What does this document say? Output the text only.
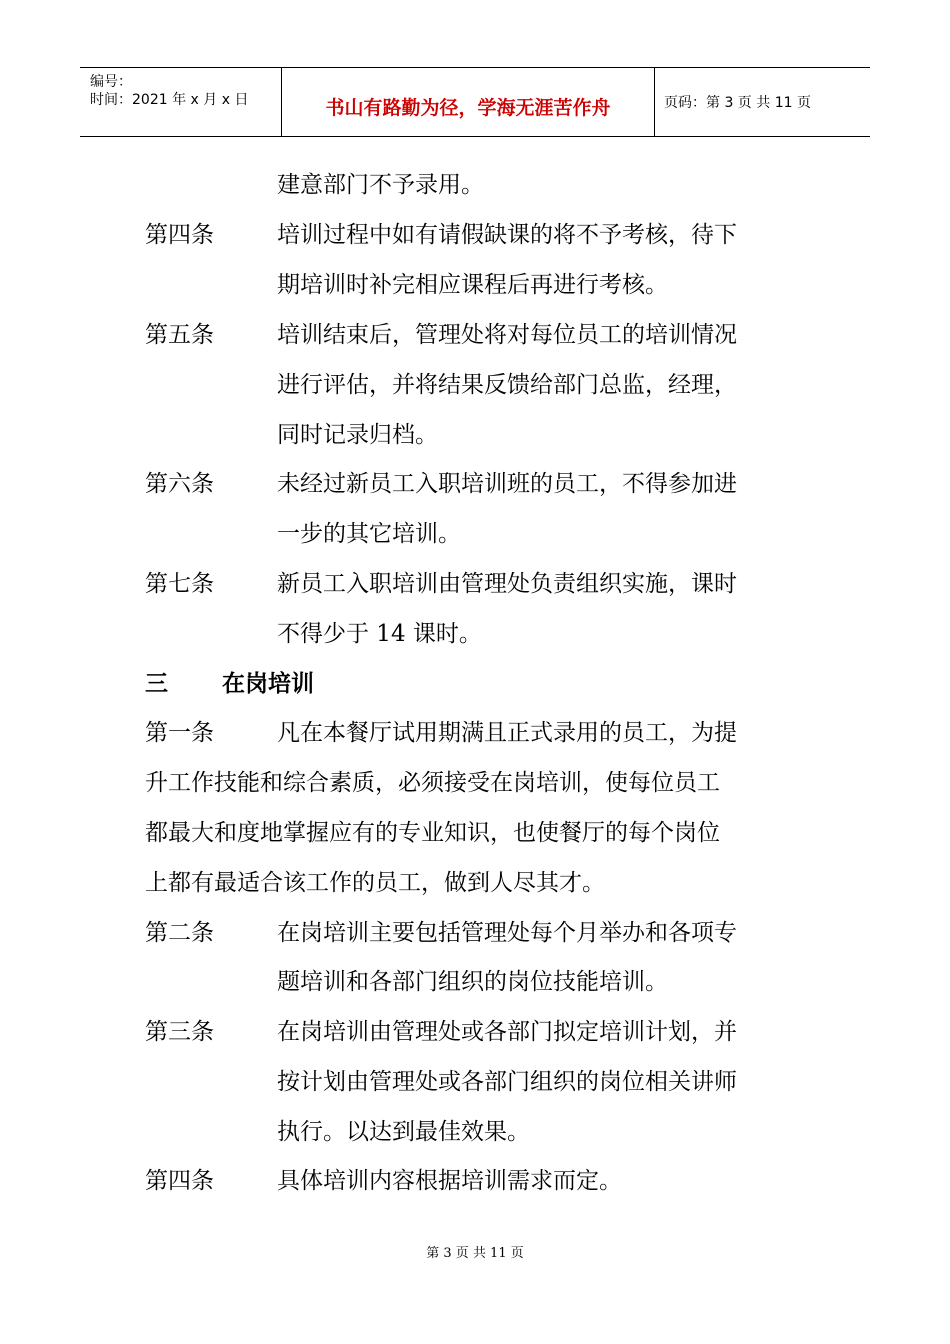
编号：
时间：2021 年 x 月 x 日	书山有路勤为径，学海无涯苦作舟	页码：第 3 页 共 11 页
建意部门不予录用。
第四条	培训过程中如有请假缺课的将不予考核，待下
期培训时补完相应课程后再进行考核。
第五条	培训结束后，管理处将对每位员工的培训情况
进行评估，并将结果反馈给部门总监，经理，
同时记录归档。
第六条	未经过新员工入职培训班的员工，不得参加进
一步的其它培训。
第七条	新员工入职培训由管理处负责组织实施，课时
不得少于 14 课时。
三 在岗培训
第一条	凡在本餐厅试用期满且正式录用的员工，为提
升工作技能和综合素质，必须接受在岗培训，使每位员工
都最大和度地掌握应有的专业知识，也使餐厅的每个岗位
上都有最适合该工作的员工，做到人尽其才。
第二条	在岗培训主要包括管理处每个月举办和各项专
题培训和各部门组织的岗位技能培训。
第三条	在岗培训由管理处或各部门拟定培训计划，并
按计划由管理处或各部门组织的岗位相关讲师
执行。以达到最佳效果。
第四条	具体培训内容根据培训需求而定。
第 3 页 共 11 页
